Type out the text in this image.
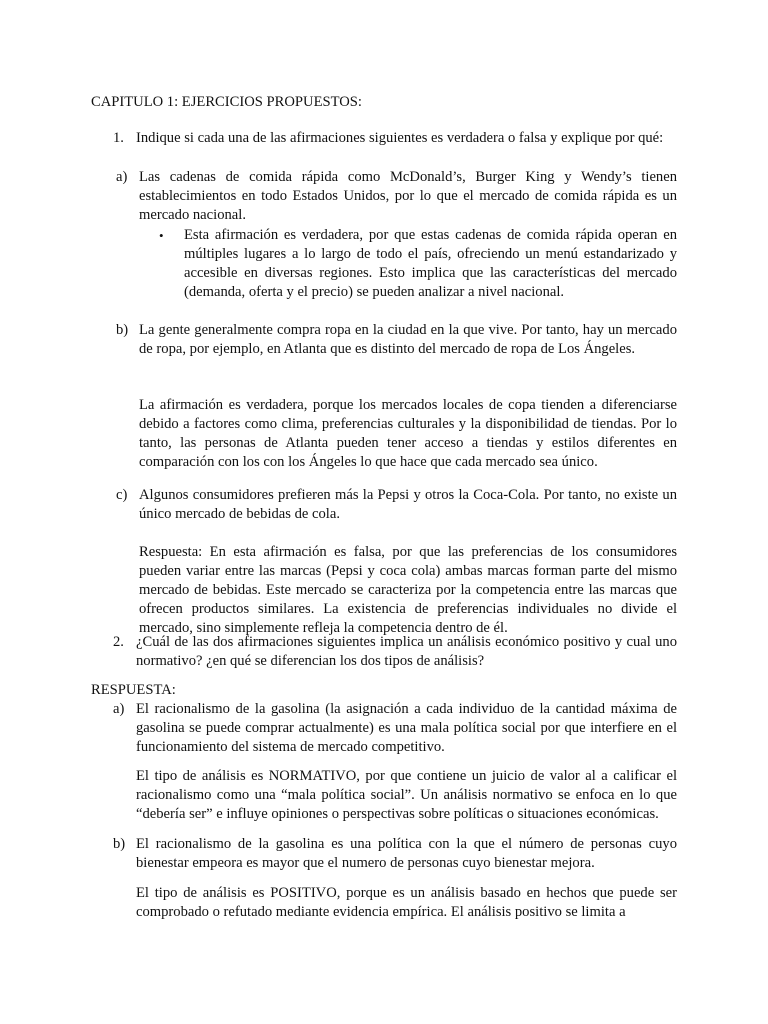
CAPITULO 1: EJERCICIOS PROPUESTOS:

1. Indique si cada una de las afirmaciones siguientes es verdadera o falsa y explique por qué:

a) Las cadenas de comida rápida como McDonald’s, Burger King y Wendy’s tienen establecimientos en todo Estados Unidos, por lo que el mercado de comida rápida es un mercado nacional.

• Esta afirmación es verdadera, por que estas cadenas de comida rápida operan en múltiples lugares a lo largo de todo el país, ofreciendo un menú estandarizado y accesible en diversas regiones. Esto implica que las características del mercado (demanda, oferta y el precio) se pueden analizar a nivel nacional.

b) La gente generalmente compra ropa en la ciudad en la que vive. Por tanto, hay un mercado de ropa, por ejemplo, en Atlanta que es distinto del mercado de ropa de Los Ángeles.

La afirmación es verdadera, porque los mercados locales de copa tienden a diferenciarse debido a factores como clima, preferencias culturales y la disponibilidad de tiendas. Por lo tanto, las personas de Atlanta pueden tener acceso a tiendas y estilos diferentes en comparación con los con los Ángeles lo que hace que cada mercado sea único.

c) Algunos consumidores prefieren más la Pepsi y otros la Coca-Cola. Por tanto, no existe un único mercado de bebidas de cola.

Respuesta: En esta afirmación es falsa, por que las preferencias de los consumidores pueden variar entre las marcas (Pepsi y coca cola) ambas marcas forman parte del mismo mercado de bebidas. Este mercado se caracteriza por la competencia entre las marcas que ofrecen productos similares. La existencia de preferencias individuales no divide el mercado, sino simplemente refleja la competencia dentro de él.

2. ¿Cuál de las dos afirmaciones siguientes implica un análisis económico positivo y cual uno normativo? ¿en qué se diferencian los dos tipos de análisis?

RESPUESTA:

a) El racionalismo de la gasolina (la asignación a cada individuo de la cantidad máxima de gasolina se puede comprar actualmente) es una mala política social por que interfiere en el funcionamiento del sistema de mercado competitivo.

El tipo de análisis es NORMATIVO, por que contiene un juicio de valor al a calificar el racionalismo como una “mala política social”. Un análisis normativo se enfoca en lo que “debería ser” e influye opiniones o perspectivas sobre políticas o situaciones económicas.

b) El racionalismo de la gasolina es una política con la que el número de personas cuyo bienestar empeora es mayor que el numero de personas cuyo bienestar mejora.

El tipo de análisis es POSITIVO, porque es un análisis basado en hechos que puede ser comprobado o refutado mediante evidencia empírica. El análisis positivo se limita a
